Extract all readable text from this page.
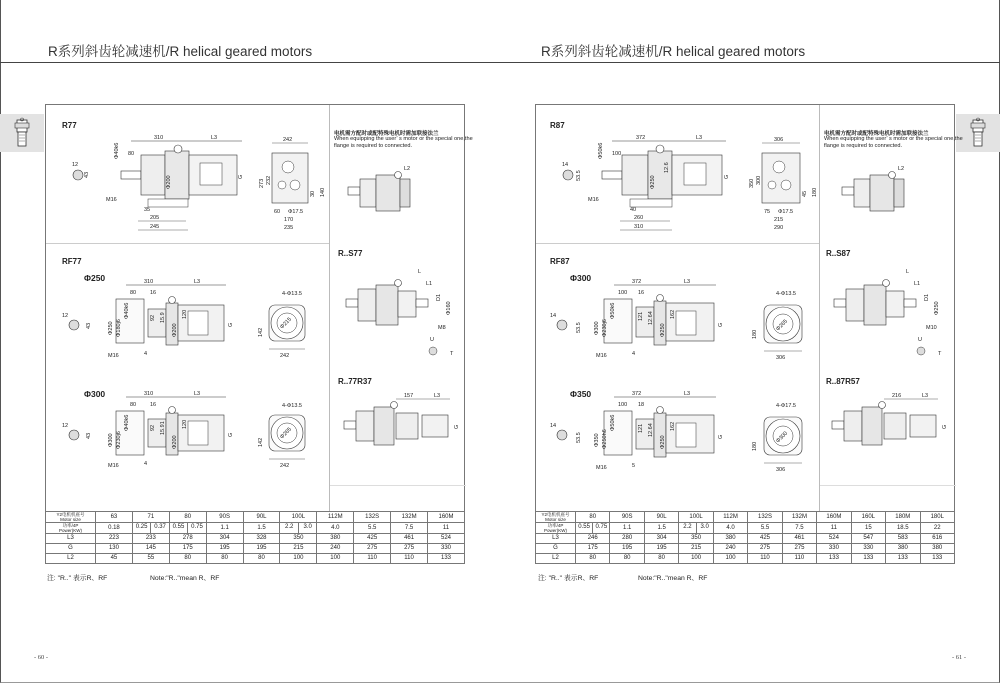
R系列斜齿轮减速机/R helical geared motors
R77
12
43
310	L3
80
Φ40k6
M16
Φ200	G
35
205
245
242
273 232
30 140
60 Φ17.5
170
235
RF77
Φ250
Φ300
12
43
310	L3
80	16
Φ250 Φ180j6
Φ40k6	92 15.9
Φ200
120
G
M16	4
4-Φ13.5
Φ215
142
242
12
43
310	L3
80	16
Φ300 Φ230j6
Φ40k6	92 15.91
Φ200
120
G
M16	4
4-Φ13.5
Φ265
142
242
电机需方配时或配特殊电机时需加联接法兰
When equipping the user’ s motor or the special one,the flange is required to connected.
L2
R..S77
L
L1
D1
Φ160
M8
U
T
R..77R37
157	L3
G
Y2电机机座号
Motor size	63	71	80	90S	90L	100L	112M	132S	132M	160M

功率/4P
Power(KW)	0.18	0.25	0.37	0.55	0.75	1.1	1.5	2.2	3.0	4.0	5.5	7.5	11
L3	223	233	278	304	328	350	380	425	461	524
G	130	145	175	195	195	215	240	275	275	330
L2	45	55	80	80	80	100	100	110	110	133
注: "R.." 表示R、RF	Note:"R.."mean R、RF
- 60 -
R系列斜齿轮减速机/R helical geared motors
R87
14
53.5
372	L3
100
Φ50k6
M16
Φ250
12.6
G
40
260
310
306
350 300
45 180
75 Φ17.5
215
290
RF87
Φ300
Φ350
14
53.5
372	L3
100 16
Φ300 Φ230j6
Φ50k6	121 12.64
Φ250
162
G
M16	4
4-Φ13.5
Φ265
180
306
14
53.5
372	L3
100 18
Φ350 Φ250h6
Φ50k6	121 12.64
Φ250
162
G
M16	5
4-Φ17.5
Φ300
180
306
电机需方配时或配特殊电机时需加联接法兰
When equipping the user’ s motor or the special one,the flange is required to connected.
L2
R..S87
L
L1
D1
Φ250
M10
U
T
R..87R57
216	L3
G
Y2电机机座号
Motor size	80	90S	90L	100L	112M	132S	132M	160M	160L	180M	180L

功率/4P
Power(KW)

0.55 0.75	1.1	1.5	2.2	3.0	4.0	5.5	7.5	11	15	18.5	22
L3	246	280	304	350	380	425	461	524	547	583	616
G	175	195	195	215	240	275	275	330	330	380	380
L2	80	80	80	100	100	110	110	133	133	133	133
注: "R.." 表示R、RF	Note:"R.."mean R、RF
- 61 -
